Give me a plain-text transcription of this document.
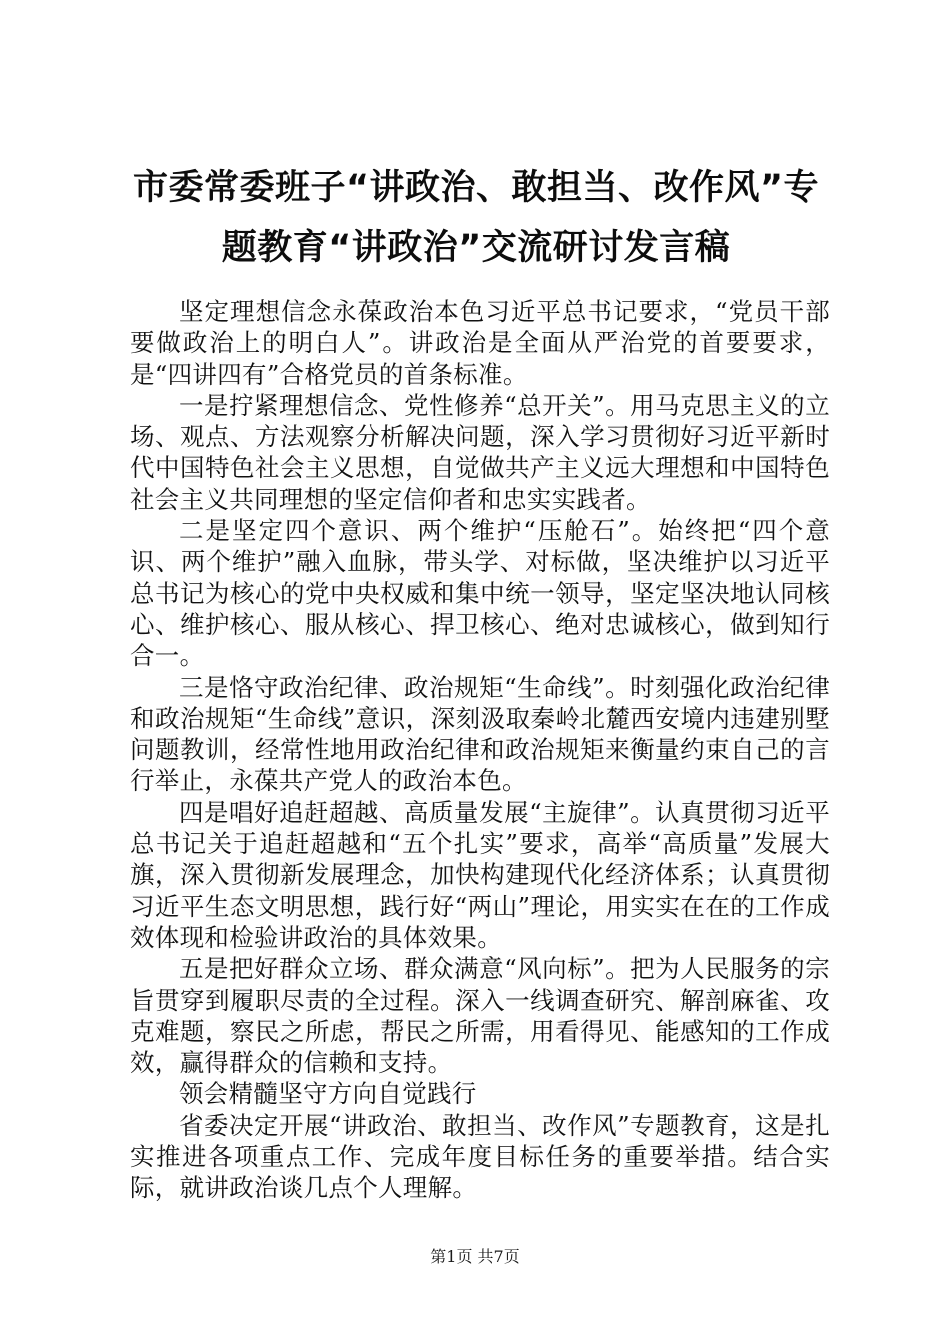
市委常委班子“讲政治、敢担当、改作风”专题教育“讲政治”交流研讨发言稿

坚定理想信念永葆政治本色习近平总书记要求，“党员干部要做政治上的明白人”。讲政治是全面从严治党的首要要求，是“四讲四有”合格党员的首条标准。

一是拧紧理想信念、党性修养“总开关”。用马克思主义的立场、观点、方法观察分析解决问题，深入学习贯彻好习近平新时代中国特色社会主义思想，自觉做共产主义远大理想和中国特色社会主义共同理想的坚定信仰者和忠实实践者。

二是坚定四个意识、两个维护“压舱石”。始终把“四个意识、两个维护”融入血脉，带头学、对标做，坚决维护以习近平总书记为核心的党中央权威和集中统一领导，坚定坚决地认同核心、维护核心、服从核心、捍卫核心、绝对忠诚核心，做到知行合一。

三是恪守政治纪律、政治规矩“生命线”。时刻强化政治纪律和政治规矩“生命线”意识，深刻汲取秦岭北麓西安境内违建别墅问题教训，经常性地用政治纪律和政治规矩来衡量约束自己的言行举止，永葆共产党人的政治本色。

四是唱好追赶超越、高质量发展“主旋律”。认真贯彻习近平总书记关于追赶超越和“五个扎实”要求，高举“高质量”发展大旗，深入贯彻新发展理念，加快构建现代化经济体系；认真贯彻习近平生态文明思想，践行好“两山”理论，用实实在在的工作成效体现和检验讲政治的具体效果。

五是把好群众立场、群众满意“风向标”。把为人民服务的宗旨贯穿到履职尽责的全过程。深入一线调查研究、解剖麻雀、攻克难题，察民之所虑，帮民之所需，用看得见、能感知的工作成效，赢得群众的信赖和支持。

领会精髓坚守方向自觉践行

省委决定开展“讲政治、敢担当、改作风”专题教育，这是扎实推进各项重点工作、完成年度目标任务的重要举措。结合实际，就讲政治谈几点个人理解。

第1页 共7页
